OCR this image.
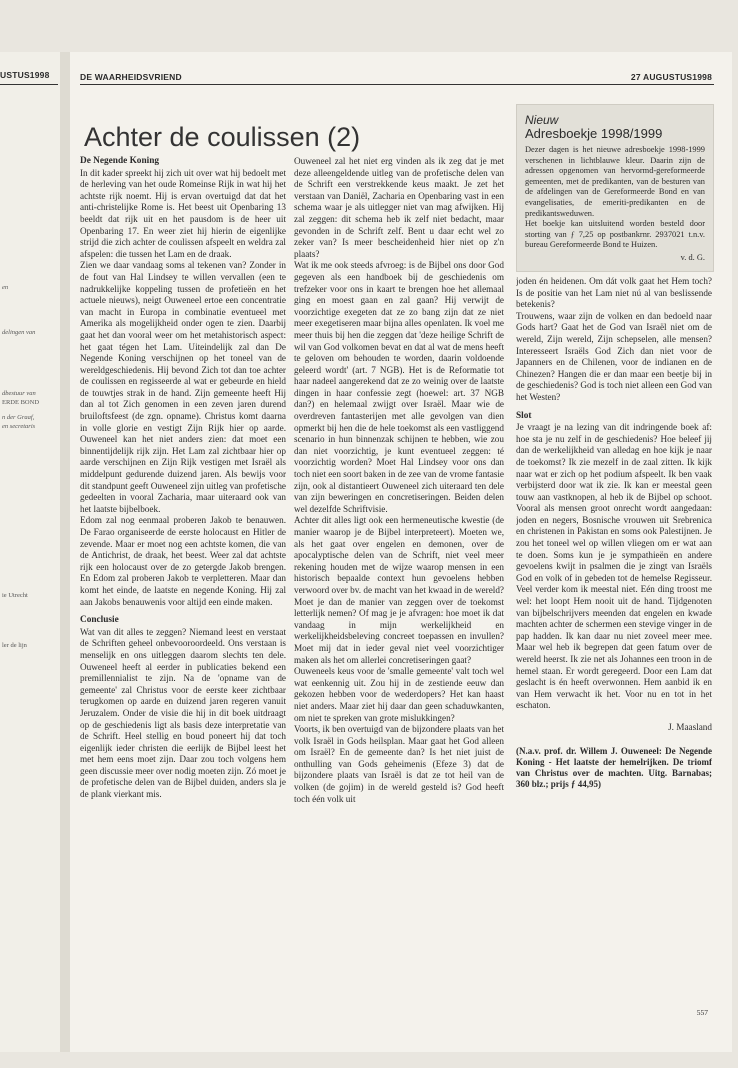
USTUS1998
en
delingen van
dbestuur van
ERDE BOND
n der Graaf,
en secretaris
ie Utrecht
ler de lijn
DE WAARHEIDSVRIEND	27 AUGUSTUS1998
Achter de coulissen (2)
De Negende Koning

In dit kader spreekt hij zich uit over wat hij bedoelt met de herleving van het oude Romeinse Rijk in wat hij het achtste rijk noemt. Hij is ervan overtuigd dat dat het anti-christelijke Rome is. Het beest uit Openbaring 13 beeldt dat rijk uit en het pausdom is de heer uit Openbaring 17. En weer ziet hij hierin de eigenlijke strijd die zich achter de coulissen afspeelt en weldra zal afspelen: die tussen het Lam en de draak.

Zien we daar vandaag soms al tekenen van? Zonder in de fout van Hal Lindsey te willen vervallen (een te nadrukkelijke koppeling tussen de profetieën en het actuele nieuws), neigt Ouweneel ertoe een concentratie van macht in Europa in combinatie eventueel met Amerika als mogelijkheid onder ogen te zien. Daarbij gaat het dan vooral weer om het metahistorisch aspect: het gaat tégen het Lam. Uiteindelijk zal dan De Negende Koning verschijnen op het toneel van de wereldgeschiedenis. Hij bevond Zich tot dan toe achter de coulissen en regisseerde al wat er gebeurde en hield de touwtjes strak in de hand. Zijn gemeente heeft Hij dan al tot Zich genomen in een zeven jaren durend bruiloftsfeest (de zgn. opname). Christus komt daarna in volle glorie en vestigt Zijn Rijk hier op aarde. Ouweneel kan het niet anders zien: dat moet een binnentijdelijk rijk zijn. Het Lam zal zichtbaar hier op aarde verschijnen en Zijn Rijk vestigen met Israël als middelpunt gedurende duizend jaren. Als bewijs voor dit standpunt geeft Ouweneel zijn uitleg van profetische gedeelten in vooral Zacharia, maar uiteraard ook van het laatste bijbelboek.

Edom zal nog eenmaal proberen Jakob te benauwen. De Farao organiseerde de eerste holocaust en Hitler de zevende. Maar er moet nog een achtste komen, die van de Antichrist, de draak, het beest. Weer zal dat achtste rijk een holocaust over de zo getergde Jakob brengen. En Edom zal proberen Jakob te verpletteren. Maar dan komt het einde, de laatste en negende Koning. Hij zal aan Jakobs benauwenis voor altijd een einde maken.

Conclusie

Wat van dit alles te zeggen? Niemand leest en verstaat de Schriften geheel onbevooroordeeld. Ons verstaan is menselijk en ons uitleggen daarom slechts ten dele. Ouweneel heeft al eerder in publicaties bekend een premillennialist te zijn. Na de 'opname van de gemeente' zal Christus voor de eerste keer zichtbaar terugkomen op aarde en duizend jaren regeren vanuit Jeruzalem. Onder de visie die hij in dit boek uitdraagt op de geschiedenis ligt als basis deze interpretatie van de Schrift. Heel stellig en boud poneert hij dat toch eigenlijk ieder christen die eerlijk de Bijbel leest het met hem eens moet zijn. Daar zou toch volgens hem geen discussie meer over nodig moeten zijn. Zó moet je de profetische delen van de Bijbel duiden, anders sla je de plank vierkant mis.

Ouweneel zal het niet erg vinden als ik zeg dat je met deze alleengeldende uitleg van de profetische delen van de Schrift een verstrekkende keus maakt. Je zet het verstaan van Daniël, Zacharia en Openbaring vast in een schema waar je als uitlegger niet van mag afwijken. Hij zal zeggen: dit schema heb ik zelf niet bedacht, maar gevonden in de Schrift zelf. Bent u daar echt wel zo zeker van? Is meer bescheidenheid hier niet op z'n plaats?

Wat ik me ook steeds afvroeg: is de Bijbel ons door God gegeven als een handboek bij de geschiedenis om trefzeker voor ons in kaart te brengen hoe het allemaal ging en moest gaan en zal gaan? Hij verwijt de voorzichtige exegeten dat ze zo bang zijn dat ze niet meer exegetiseren maar bijna alles openlaten. Ik voel me meer thuis bij hen die zeggen dat 'deze heilige Schrift de wil van God volkomen bevat en dat al wat de mens heeft te geloven om behouden te worden, daarin voldoende geleerd wordt' (art. 7 NGB). Het is de Reformatie tot haar nadeel aangerekend dat ze zo weinig over de laatste dingen in haar confessie zegt (hoewel: art. 37 NGB dan?) en helemaal zwijgt over Israël. Maar wie de overdreven fantasterijen met alle gevolgen van dien opmerkt bij hen die de hele toekomst als een vastliggend scenario in hun binnenzak schijnen te hebben, wie zou dan niet voorzichtig, je kunt eventueel zeggen: té voorzichtig worden? Moet Hal Lindsey voor ons dan toch niet een soort baken in de zee van de vrome fantasie zijn, ook al distantieert Ouweneel zich uiteraard ten dele van zijn beweringen en concretiseringen. Beiden delen wel dezelfde Schriftvisie.

Achter dit alles ligt ook een hermeneutische kwestie (de manier waarop je de Bijbel interpreteert). Moeten we, als het gaat over engelen en demonen, over de apocalyptische delen van de Schrift, niet veel meer rekening houden met de wijze waarop mensen in een historisch bepaalde context hun gevoelens hebben verwoord over bv. de macht van het kwaad in de wereld? Moet je dan de manier van zeggen over de toekomst letterlijk nemen? Of mag je je afvragen: hoe moet ik dat vandaag in mijn werkelijkheid en werkelijkheidsbeleving concreet toepassen en invullen? Moet mij dat in ieder geval niet veel voorzichtiger maken als het om allerlei concretiseringen gaat?

Ouweneels keus voor de 'smalle gemeente' valt toch wel wat eenkennig uit. Zou hij in de zestiende eeuw dan gekozen hebben voor de wederdopers? Het kan haast niet anders. Maar ziet hij daar dan geen schaduwkanten, om niet te spreken van grote mislukkingen?

Voorts, ik ben overtuigd van de bijzondere plaats van het volk Israël in Gods heilsplan. Maar gaat het God alleen om Israël? En de gemeente dan? Is het niet juist de onthulling van Gods geheimenis (Efeze 3) dat de bijzondere plaats van Israël is dat ze tot heil van de volken (de gojim) in de wereld gesteld is? God heeft toch één volk uit

Nieuw
Adresboekje 1998/1999

Dezer dagen is het nieuwe adresboekje 1998-1999 verschenen in lichtblauwe kleur. Daarin zijn de adressen opgenomen van hervormd-gereformeerde gemeenten, met de predikanten, van de besturen van de afdelingen van de Gereformeerde Bond en van evangelisaties, de emeriti-predikanten en de predikantsweduwen.

Het boekje kan uitsluitend worden besteld door storting van ƒ 7,25 op postbankrnr. 2937021 t.n.v. bureau Gereformeerde Bond te Huizen.

v. d. G.

joden én heidenen. Om dát volk gaat het Hem toch? Is de positie van het Lam niet nú al van beslissende betekenis?

Trouwens, waar zijn de volken en dan bedoeld naar Gods hart? Gaat het de God van Israël niet om de wereld, Zijn wereld, Zijn schepselen, alle mensen? Interesseert Israëls God Zich dan niet voor de Japanners en de Chilenen, voor de indianen en de Chinezen? Hangen die er dan maar een beetje bij in de geschiedenis? God is toch niet alleen een God van het Westen?

Slot

Je vraagt je na lezing van dit indringende boek af: hoe sta je nu zelf in de geschiedenis? Hoe beleef jij dan de werkelijkheid van alledag en hoe kijk je naar de toekomst? Ik zie mezelf in de zaal zitten. Ik kijk naar wat er zich op het podium afspeelt. Ik ben vaak verbijsterd door wat ik zie. Ik kan er meestal geen touw aan vastknopen, al heb ik de Bijbel op schoot. Vooral als mensen groot onrecht wordt aangedaan: joden en negers, Bosnische vrouwen uit Srebrenica en christenen in Pakistan en soms ook Palestijnen. Je zou het toneel wel op willen vliegen om er wat aan te doen. Soms kun je je sympathieën en andere gevoelens kwijt in psalmen die je zingt van Israëls God en volk of in gebeden tot de hemelse Regisseur. Veel verder kom ik meestal niet. Eén ding troost me wel: het loopt Hem nooit uit de hand. Tijdgenoten van bijbelschrijvers meenden dat engelen en kwade machten achter de schermen een stevige vinger in de pap hadden. Ik kan daar nu niet zoveel meer mee. Maar wel heb ik begrepen dat geen fatum over de wereld heerst. Ik zie net als Johannes een troon in de hemel staan. Er wordt geregeerd. Door een Lam dat geslacht is én heeft overwonnen. Hem aanbid ik en van Hem verwacht ik het. Voor nu en tot in het eschaton.

J. Maasland
(N.a.v. prof. dr. Willem J. Ouweneel: De Negende Koning - Het laatste der hemelrijken. De triomf van Christus over de machten. Uitg. Barnabas; 360 blz.; prijs ƒ 44,95)
557
